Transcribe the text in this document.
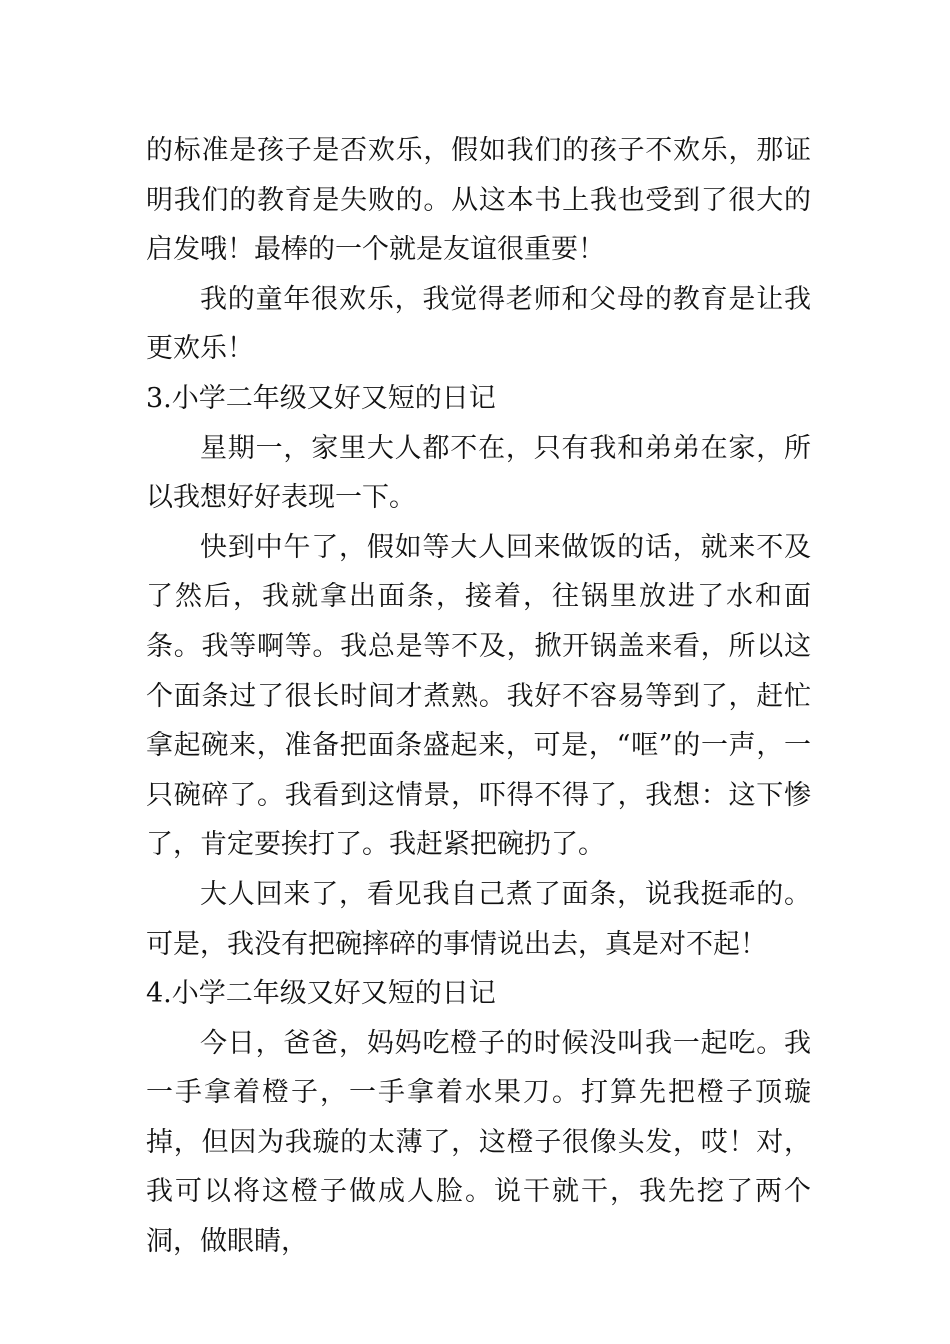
的标准是孩子是否欢乐，假如我们的孩子不欢乐，那证明我们的教育是失败的。从这本书上我也受到了很大的启发哦！最棒的一个就是友谊很重要！

我的童年很欢乐，我觉得老师和父母的教育是让我更欢乐！

3.小学二年级又好又短的日记

星期一，家里大人都不在，只有我和弟弟在家，所以我想好好表现一下。

快到中午了，假如等大人回来做饭的话，就来不及了然后，我就拿出面条，接着，往锅里放进了水和面条。我等啊等。我总是等不及，掀开锅盖来看，所以这个面条过了很长时间才煮熟。我好不容易等到了，赶忙拿起碗来，准备把面条盛起来，可是，“哐”的一声，一只碗碎了。我看到这情景，吓得不得了，我想：这下惨了，肯定要挨打了。我赶紧把碗扔了。

大人回来了，看见我自己煮了面条，说我挺乖的。可是，我没有把碗摔碎的事情说出去，真是对不起！

4.小学二年级又好又短的日记

今日，爸爸，妈妈吃橙子的时候没叫我一起吃。我一手拿着橙子，一手拿着水果刀。打算先把橙子顶璇掉，但因为我璇的太薄了，这橙子很像头发，哎！对，我可以将这橙子做成人脸。说干就干，我先挖了两个洞，做眼睛，
